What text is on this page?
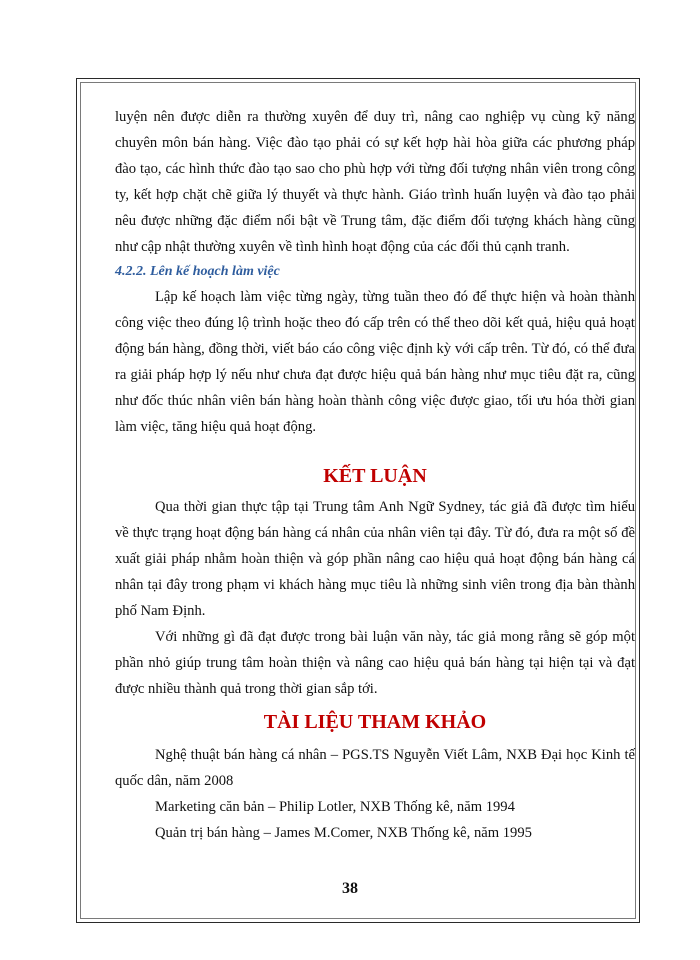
luyện nên được diễn ra thường xuyên để duy trì, nâng cao nghiệp vụ cùng kỹ năng chuyên môn bán hàng. Việc đào tạo phải có sự kết hợp hài hòa giữa các phương pháp đào tạo, các hình thức đào tạo sao cho phù hợp với từng đối tượng nhân viên trong công ty, kết hợp chặt chẽ giữa lý thuyết và thực hành. Giáo trình huấn luyện và đào tạo phải nêu được những đặc điểm nổi bật về Trung tâm, đặc điểm đối tượng khách hàng cũng như cập nhật thường xuyên về tình hình hoạt động của các đối thủ cạnh tranh.

4.2.2. Lên kế hoạch làm việc

Lập kế hoạch làm việc từng ngày, từng tuần theo đó để thực hiện và hoàn thành công việc theo đúng lộ trình hoặc theo đó cấp trên có thể theo dõi kết quả, hiệu quả hoạt động bán hàng, đồng thời, viết báo cáo công việc định kỳ với cấp trên. Từ đó, có thể đưa ra giải pháp hợp lý nếu như chưa đạt được hiệu quả bán hàng như mục tiêu đặt ra, cũng như đốc thúc nhân viên bán hàng hoàn thành công việc được giao, tối ưu hóa thời gian làm việc, tăng hiệu quả hoạt động.

KẾT LUẬN

Qua thời gian thực tập tại Trung tâm Anh Ngữ Sydney, tác giả đã được tìm hiểu về thực trạng hoạt động bán hàng cá nhân của nhân viên tại đây. Từ đó, đưa ra một số đề xuất giải pháp nhằm hoàn thiện và góp phần nâng cao hiệu quả hoạt động bán hàng cá nhân tại đây trong phạm vi khách hàng mục tiêu là những sinh viên trong địa bàn thành phố Nam Định.

Với những gì đã đạt được trong bài luận văn này, tác giả mong rằng sẽ góp một phần nhỏ giúp trung tâm hoàn thiện và nâng cao hiệu quả bán hàng tại hiện tại và đạt được nhiều thành quả trong thời gian sắp tới.

TÀI LIỆU THAM KHẢO

Nghệ thuật bán hàng cá nhân – PGS.TS Nguyễn Viết Lâm, NXB Đại học Kinh tế quốc dân, năm 2008

Marketing căn bản – Philip Lotler, NXB Thống kê, năm 1994

Quản trị bán hàng – James M.Comer, NXB Thống kê, năm 1995

38
